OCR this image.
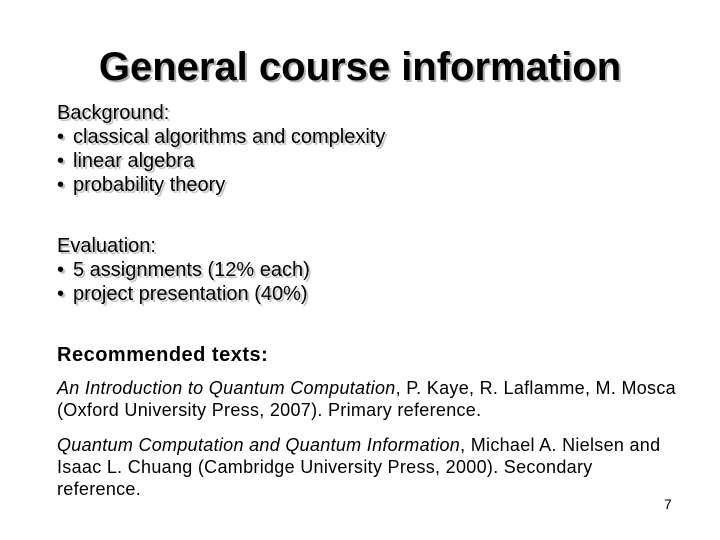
General course information
Background:
• classical algorithms and complexity
• linear algebra
• probability theory
Evaluation:
• 5 assignments (12% each)
• project presentation (40%)
Recommended texts:
An Introduction to Quantum Computation, P. Kaye, R. Laflamme, M. Mosca (Oxford University Press, 2007). Primary reference.
Quantum Computation and Quantum Information, Michael A. Nielsen and Isaac L. Chuang (Cambridge University Press, 2000). Secondary reference.
7
